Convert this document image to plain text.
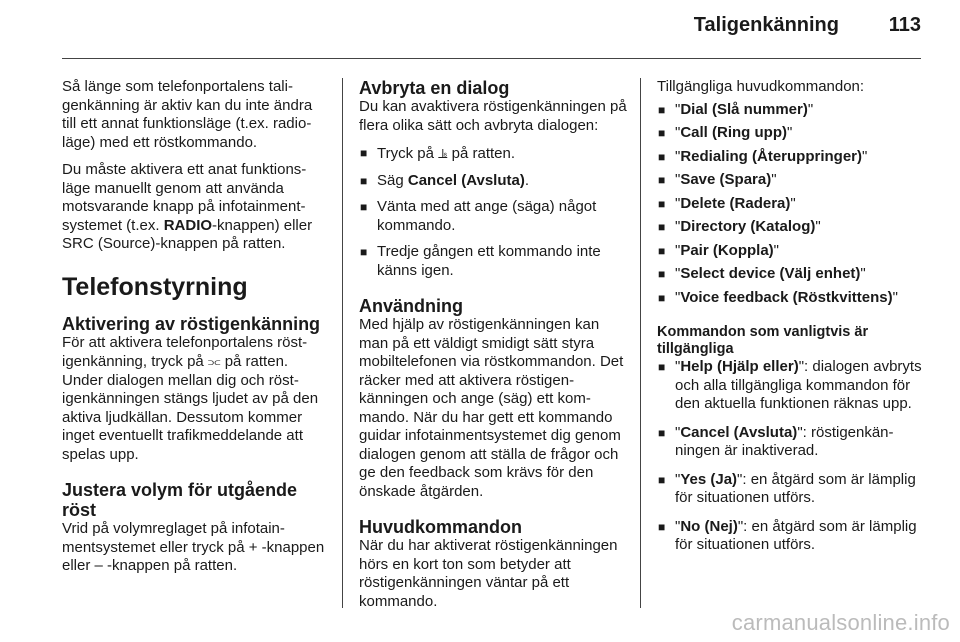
Taligenkänning 113

Så länge som telefonportalens taligenkänning är aktiv kan du inte ändra till ett annat funktionsläge (t.ex. radioläge) med ett röstkommando.

Du måste aktivera ett anat funktionsläge manuellt genom att använda motsvarande knapp på infotainmentsystemet (t.ex. RADIO-knappen) eller SRC (Source)-knappen på ratten.

Telefonstyrning
Aktivering av röstigenkänning

För att aktivera telefonportalens röstigenkänning, tryck på ⫗ på ratten. Under dialogen mellan dig och röstigenkänningen stängs ljudet av på den aktiva ljudkällan. Dessutom kommer inget eventuellt trafikmeddelande att spelas upp.

Justera volym för utgående röst

Vrid på volymreglaget på infotainmentsystemet eller tryck på + -knappen eller – -knappen på ratten.

Avbryta en dialog

Du kan avaktivera röstigenkänningen på flera olika sätt och avbryta dialogen:

■ Tryck på ⫡ på ratten.
■ Säg Cancel (Avsluta).
■ Vänta med att ange (säga) något kommando.
■ Tredje gången ett kommando inte känns igen.
Användning

Med hjälp av röstigenkänningen kan man på ett väldigt smidigt sätt styra mobiltelefonen via röstkommandon. Det räcker med att aktivera röstigenkänningen och ange (säg) ett kommando. När du har gett ett kommando guidar infotainmentsystemet dig genom dialogen genom att ställa de frågor och ge den feedback som krävs för den önskade åtgärden.

Huvudkommandon

När du har aktiverat röstigenkänningen hörs en kort ton som betyder att röstigenkänningen väntar på ett kommando.

Tillgängliga huvudkommandon:

■ "Dial (Slå nummer)"
■ "Call (Ring upp)"
■ "Redialing (Återuppringer)"
■ "Save (Spara)"
■ "Delete (Radera)"
■ "Directory (Katalog)"
■ "Pair (Koppla)"
■ "Select device (Välj enhet)"
■ "Voice feedback (Röstkvittens)"
Kommandon som vanligtvis är tillgängliga
■ "Help (Hjälp eller)": dialogen avbryts och alla tillgängliga kommandon för den aktuella funktionen räknas upp.
■ "Cancel (Avsluta)": röstigenkänningen är inaktiverad.
■ "Yes (Ja)": en åtgärd som är lämplig för situationen utförs.
■ "No (Nej)": en åtgärd som är lämplig för situationen utförs.
carmanualsonline.info
